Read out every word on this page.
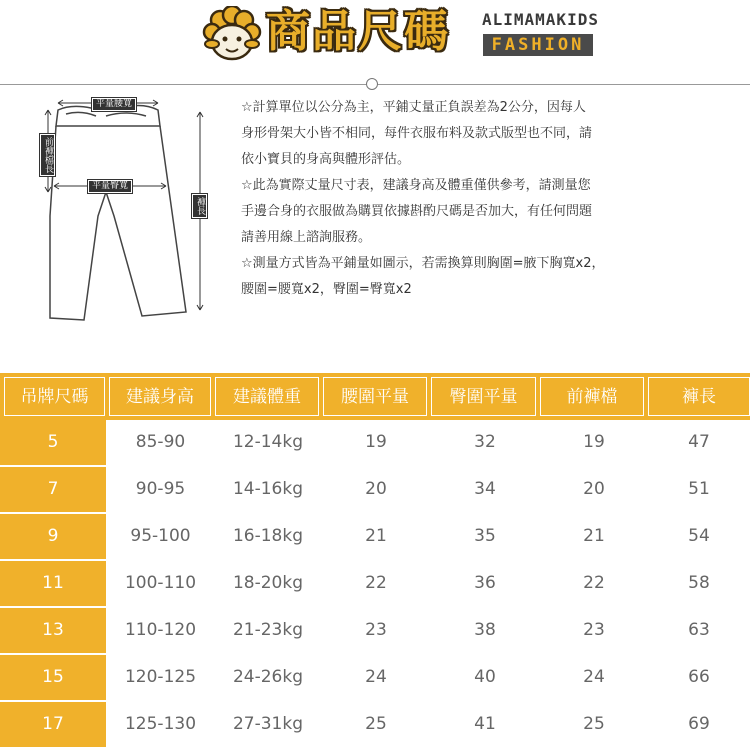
商品尺碼 ALIMAMAKIDS
FASHION
平量腰寬
平量臀寬
前褲檔長
褲長
☆計算單位以公分為主，平鋪丈量正負誤差為2公分，因每人
身形骨架大小皆不相同，每件衣服布料及款式版型也不同，請
依小寶貝的身高與體形評估。
☆此為實際丈量尺寸表，建議身高及體重僅供參考，請測量您
手邊合身的衣服做為購買依據斟酌尺碼是否加大，有任何問題
請善用線上諮詢服務。
☆測量方式皆為平鋪量如圖示，若需換算則胸圍=腋下胸寬x2，
腰圍=腰寬x2，臀圍=臀寬x2
吊牌尺碼	建議身高	建議體重	腰圍平量	臀圍平量	前褲檔	褲長
5	85-90	12-14kg	19	32	19	47
7	90-95	14-16kg	20	34	20	51
9	95-100	16-18kg	21	35	21	54
11	100-110	18-20kg	22	36	22	58
13	110-120	21-23kg	23	38	23	63
15	120-125	24-26kg	24	40	24	66
17	125-130	27-31kg	25	41	25	69
